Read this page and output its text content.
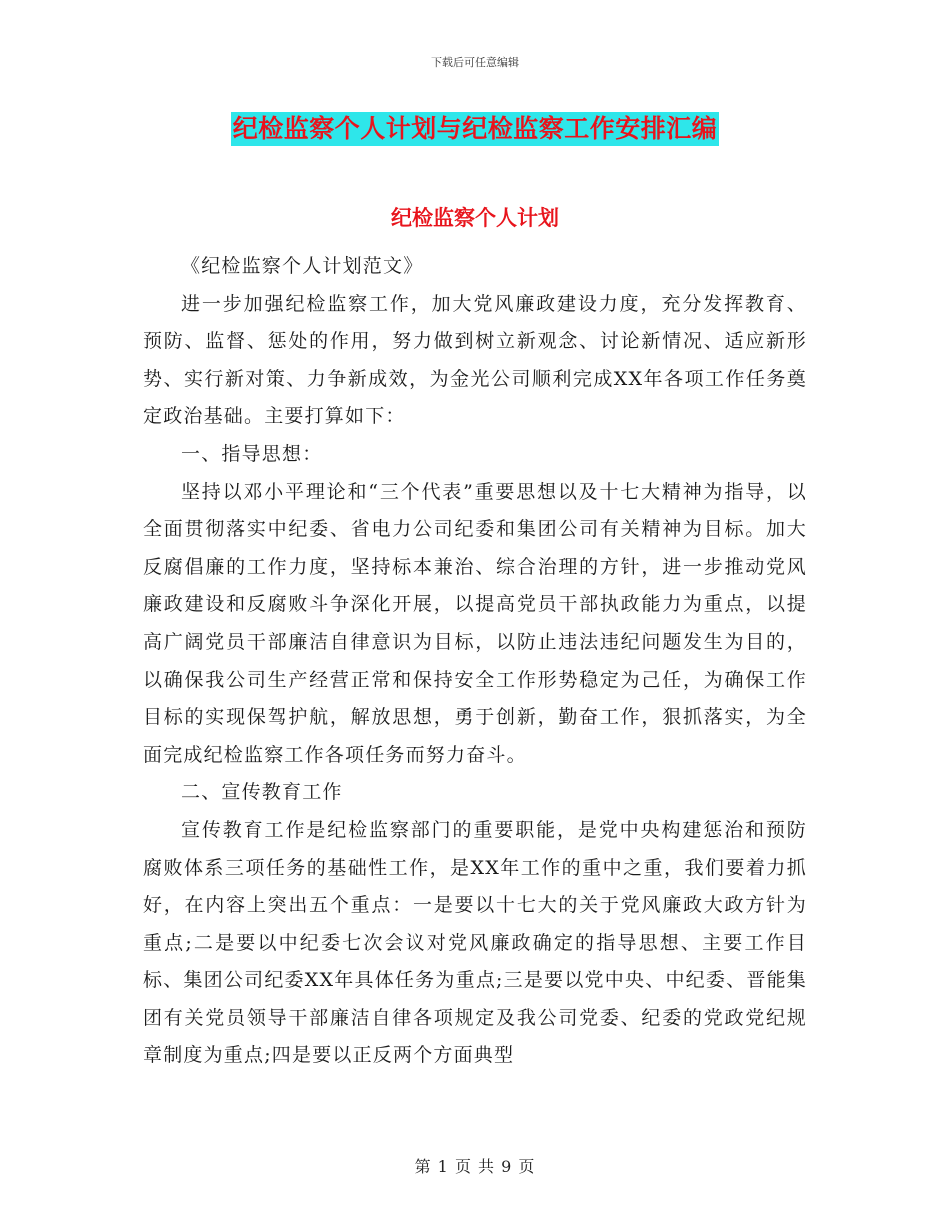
下载后可任意编辑
纪检监察个人计划与纪检监察工作安排汇编
纪检监察个人计划

《纪检监察个人计划范文》

进一步加强纪检监察工作，加大党风廉政建设力度，充分发挥教育、预防、监督、惩处的作用，努力做到树立新观念、讨论新情况、适应新形势、实行新对策、力争新成效，为金光公司顺利完成XX年各项工作任务奠定政治基础。主要打算如下：

一、指导思想：

坚持以邓小平理论和“三个代表”重要思想以及十七大精神为指导，以全面贯彻落实中纪委、省电力公司纪委和集团公司有关精神为目标。加大反腐倡廉的工作力度，坚持标本兼治、综合治理的方针，进一步推动党风廉政建设和反腐败斗争深化开展，以提高党员干部执政能力为重点，以提高广阔党员干部廉洁自律意识为目标，以防止违法违纪问题发生为目的，以确保我公司生产经营正常和保持安全工作形势稳定为己任，为确保工作目标的实现保驾护航，解放思想，勇于创新，勤奋工作，狠抓落实，为全面完成纪检监察工作各项任务而努力奋斗。

二、宣传教育工作

宣传教育工作是纪检监察部门的重要职能，是党中央构建惩治和预防腐败体系三项任务的基础性工作，是XX年工作的重中之重，我们要着力抓好，在内容上突出五个重点：一是要以十七大的关于党风廉政大政方针为重点;二是要以中纪委七次会议对党风廉政确定的指导思想、主要工作目标、集团公司纪委XX年具体任务为重点;三是要以党中央、中纪委、晋能集团有关党员领导干部廉洁自律各项规定及我公司党委、纪委的党政党纪规章制度为重点;四是要以正反两个方面典型

第 1 页 共 9 页
